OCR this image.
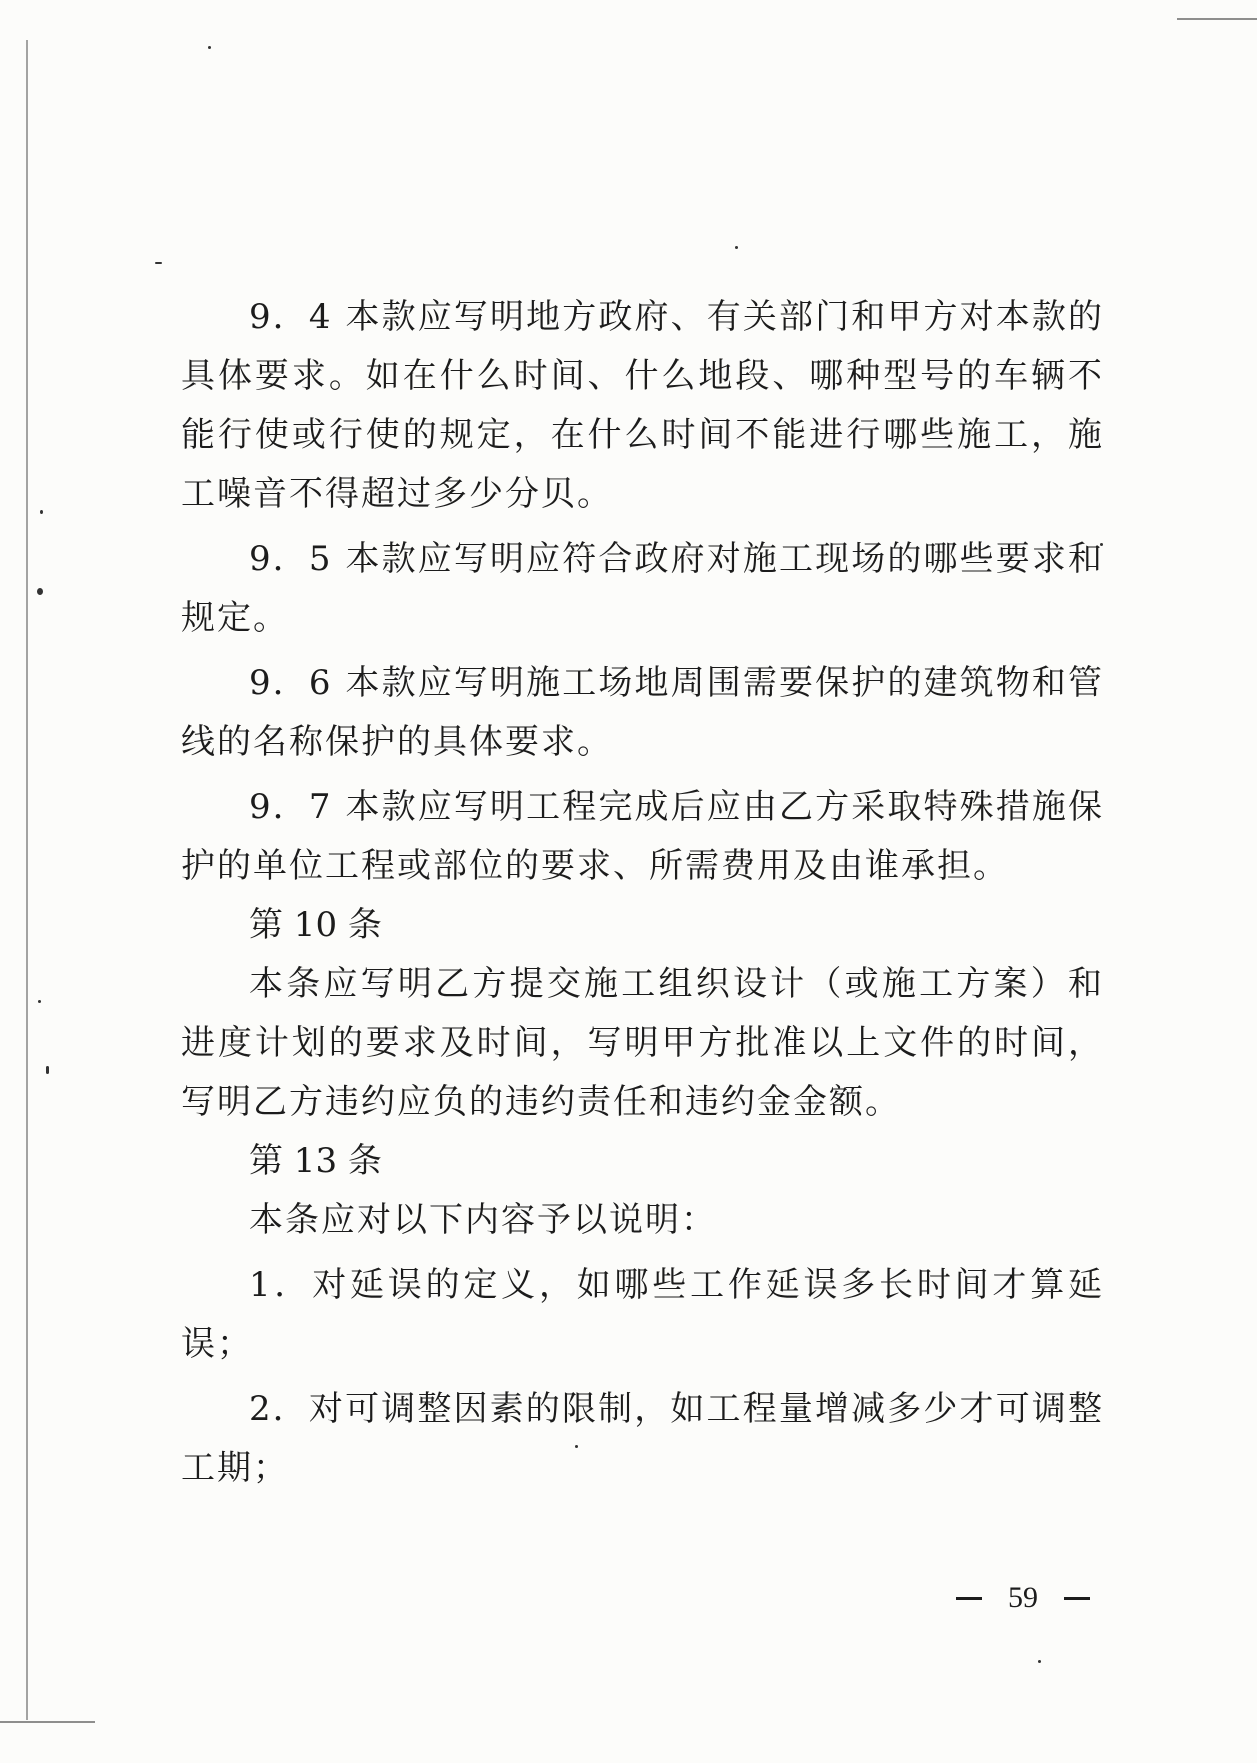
9．4 本款应写明地方政府、有关部门和甲方对本款的具体要求。如在什么时间、什么地段、哪种型号的车辆不能行使或行使的规定，在什么时间不能进行哪些施工，施工噪音不得超过多少分贝。

9．5 本款应写明应符合政府对施工现场的哪些要求和规定。

9．6 本款应写明施工场地周围需要保护的建筑物和管线的名称保护的具体要求。

9．7 本款应写明工程完成后应由乙方采取特殊措施保护的单位工程或部位的要求、所需费用及由谁承担。

第 10 条

本条应写明乙方提交施工组织设计（或施工方案）和进度计划的要求及时间，写明甲方批准以上文件的时间，写明乙方违约应负的违约责任和违约金金额。

第 13 条

本条应对以下内容予以说明：

1．对延误的定义，如哪些工作延误多长时间才算延误；

2．对可调整因素的限制，如工程量增减多少才可调整工期；

59
